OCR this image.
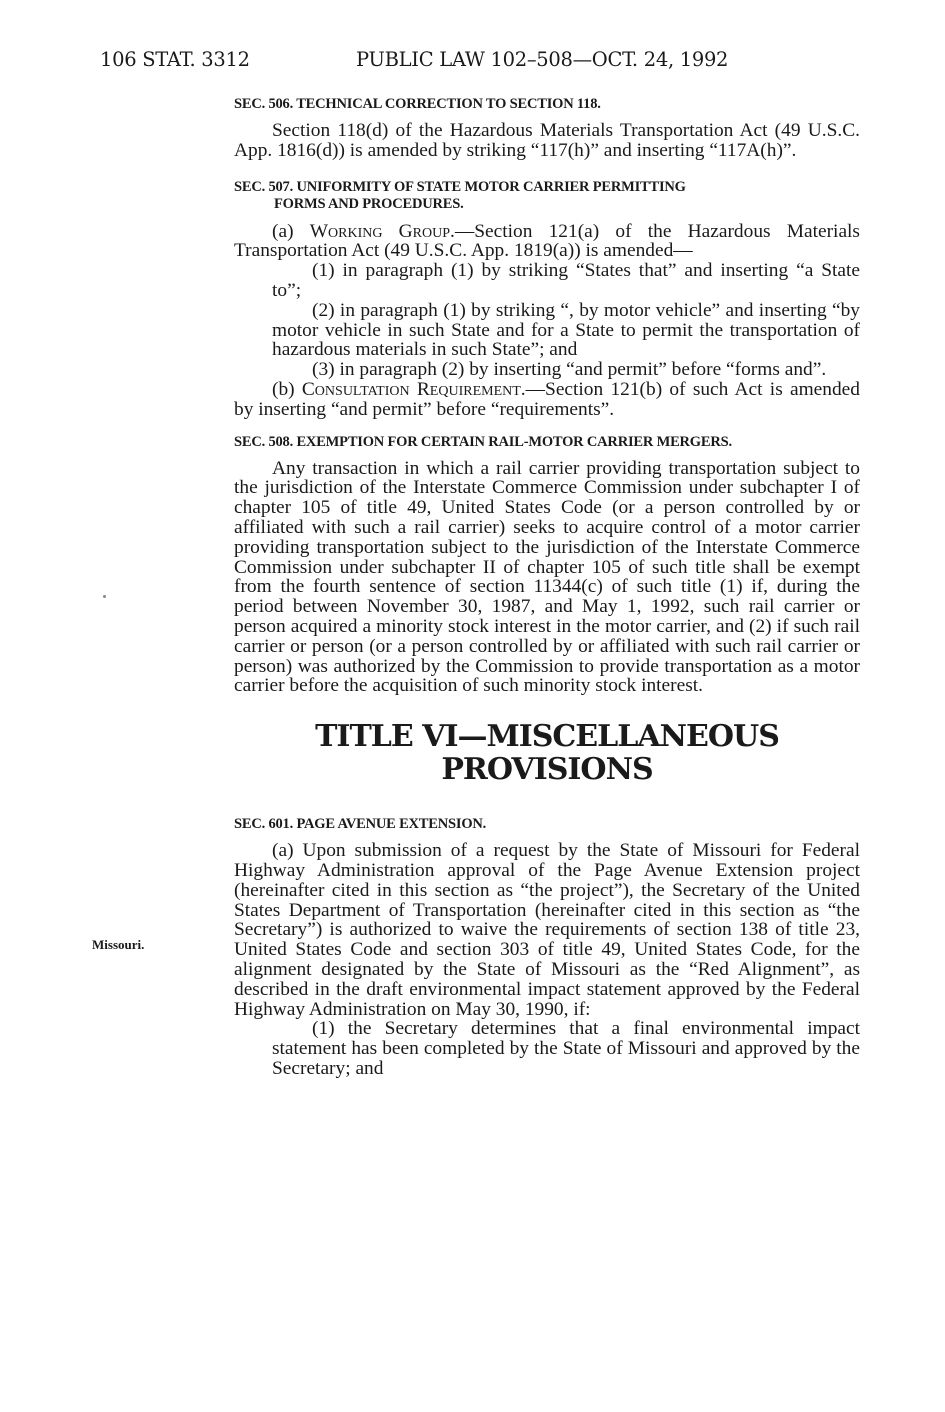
106 STAT. 3312	PUBLIC LAW 102–508—OCT. 24, 1992
Missouri.
SEC. 506. TECHNICAL CORRECTION TO SECTION 118.

Section 118(d) of the Hazardous Materials Transportation Act (49 U.S.C. App. 1816(d)) is amended by striking “117(h)” and inserting “117A(h)”.

SEC. 507. UNIFORMITY OF STATE MOTOR CARRIER PERMITTING
FORMS AND PROCEDURES.

(a) Working Group.—Section 121(a) of the Hazardous Materials Transportation Act (49 U.S.C. App. 1819(a)) is amended—

(1) in paragraph (1) by striking “States that” and inserting “a State to”;

(2) in paragraph (1) by striking “, by motor vehicle” and inserting “by motor vehicle in such State and for a State to permit the transportation of hazardous materials in such State”; and

(3) in paragraph (2) by inserting “and permit” before “forms and”.

(b) Consultation Requirement.—Section 121(b) of such Act is amended by inserting “and permit” before “requirements”.

SEC. 508. EXEMPTION FOR CERTAIN RAIL-MOTOR CARRIER MERGERS.

Any transaction in which a rail carrier providing transportation subject to the jurisdiction of the Interstate Commerce Commission under subchapter I of chapter 105 of title 49, United States Code (or a person controlled by or affiliated with such a rail carrier) seeks to acquire control of a motor carrier providing transportation subject to the jurisdiction of the Interstate Commerce Commission under subchapter II of chapter 105 of such title shall be exempt from the fourth sentence of section 11344(c) of such title (1) if, during the period between November 30, 1987, and May 1, 1992, such rail carrier or person acquired a minority stock interest in the motor carrier, and (2) if such rail carrier or person (or a person controlled by or affiliated with such rail carrier or person) was authorized by the Commission to provide transportation as a motor carrier before the acquisition of such minority stock interest.

TITLE VI—MISCELLANEOUS
PROVISIONS
SEC. 601. PAGE AVENUE EXTENSION.

(a) Upon submission of a request by the State of Missouri for Federal Highway Administration approval of the Page Avenue Extension project (hereinafter cited in this section as “the project”), the Secretary of the United States Department of Transportation (hereinafter cited in this section as “the Secretary”) is authorized to waive the requirements of section 138 of title 23, United States Code and section 303 of title 49, United States Code, for the alignment designated by the State of Missouri as the “Red Alignment”, as described in the draft environmental impact statement approved by the Federal Highway Administration on May 30, 1990, if:

(1) the Secretary determines that a final environmental impact statement has been completed by the State of Missouri and approved by the Secretary; and
